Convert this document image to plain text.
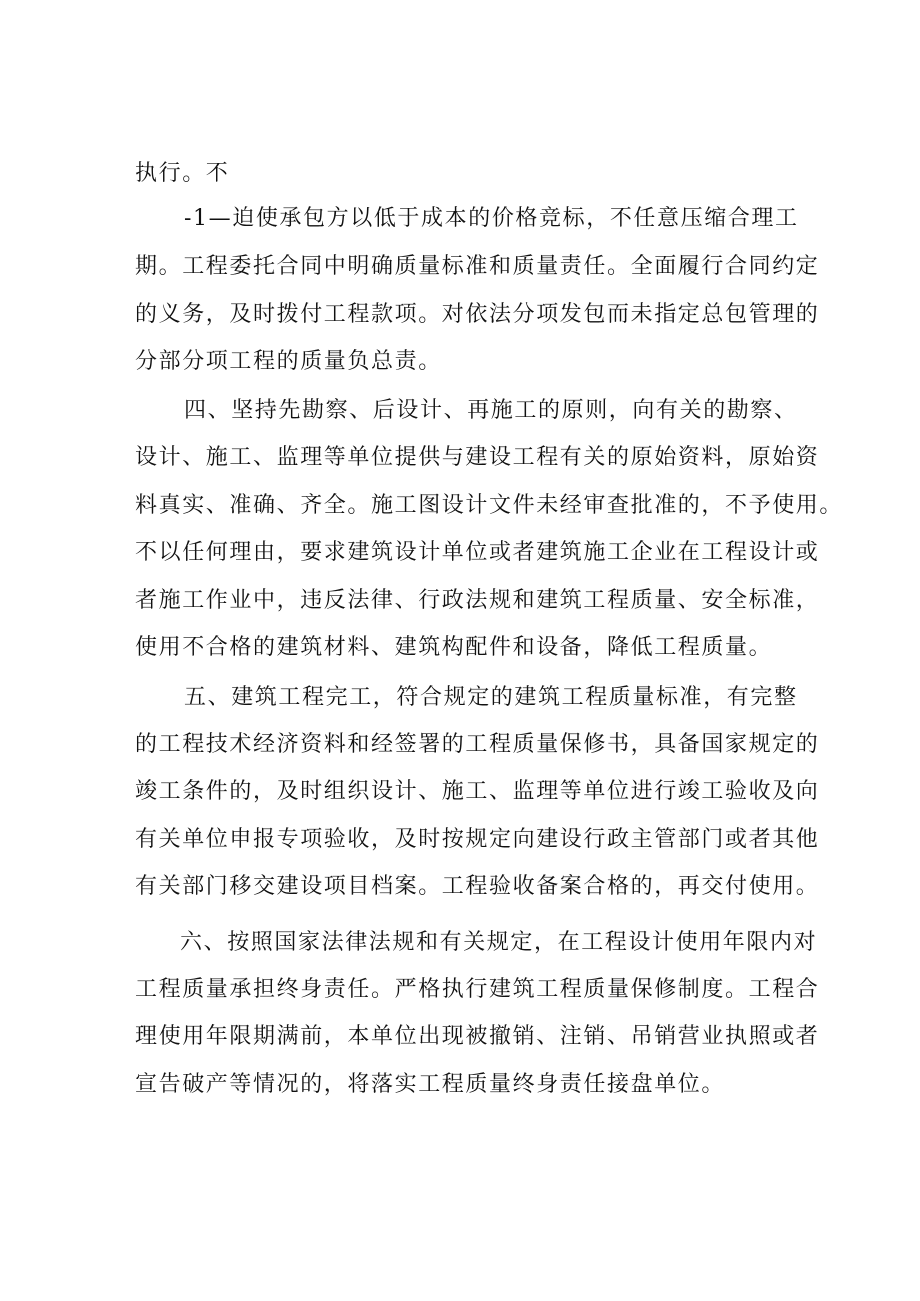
执行。不
-1—迫使承包方以低于成本的价格竞标，不任意压缩合理工
期。工程委托合同中明确质量标准和质量责任。全面履行合同约定
的义务，及时拨付工程款项。对依法分项发包而未指定总包管理的
分部分项工程的质量负总责。
四、坚持先勘察、后设计、再施工的原则，向有关的勘察、
设计、施工、监理等单位提供与建设工程有关的原始资料，原始资
料真实、准确、齐全。施工图设计文件未经审查批准的，不予使用。
不以任何理由，要求建筑设计单位或者建筑施工企业在工程设计或
者施工作业中，违反法律、行政法规和建筑工程质量、安全标准，
使用不合格的建筑材料、建筑构配件和设备，降低工程质量。
五、建筑工程完工，符合规定的建筑工程质量标准，有完整
的工程技术经济资料和经签署的工程质量保修书，具备国家规定的
竣工条件的，及时组织设计、施工、监理等单位进行竣工验收及向
有关单位申报专项验收，及时按规定向建设行政主管部门或者其他
有关部门移交建设项目档案。工程验收备案合格的，再交付使用。
六、按照国家法律法规和有关规定，在工程设计使用年限内对
工程质量承担终身责任。严格执行建筑工程质量保修制度。工程合
理使用年限期满前，本单位出现被撤销、注销、吊销营业执照或者
宣告破产等情况的，将落实工程质量终身责任接盘单位。
